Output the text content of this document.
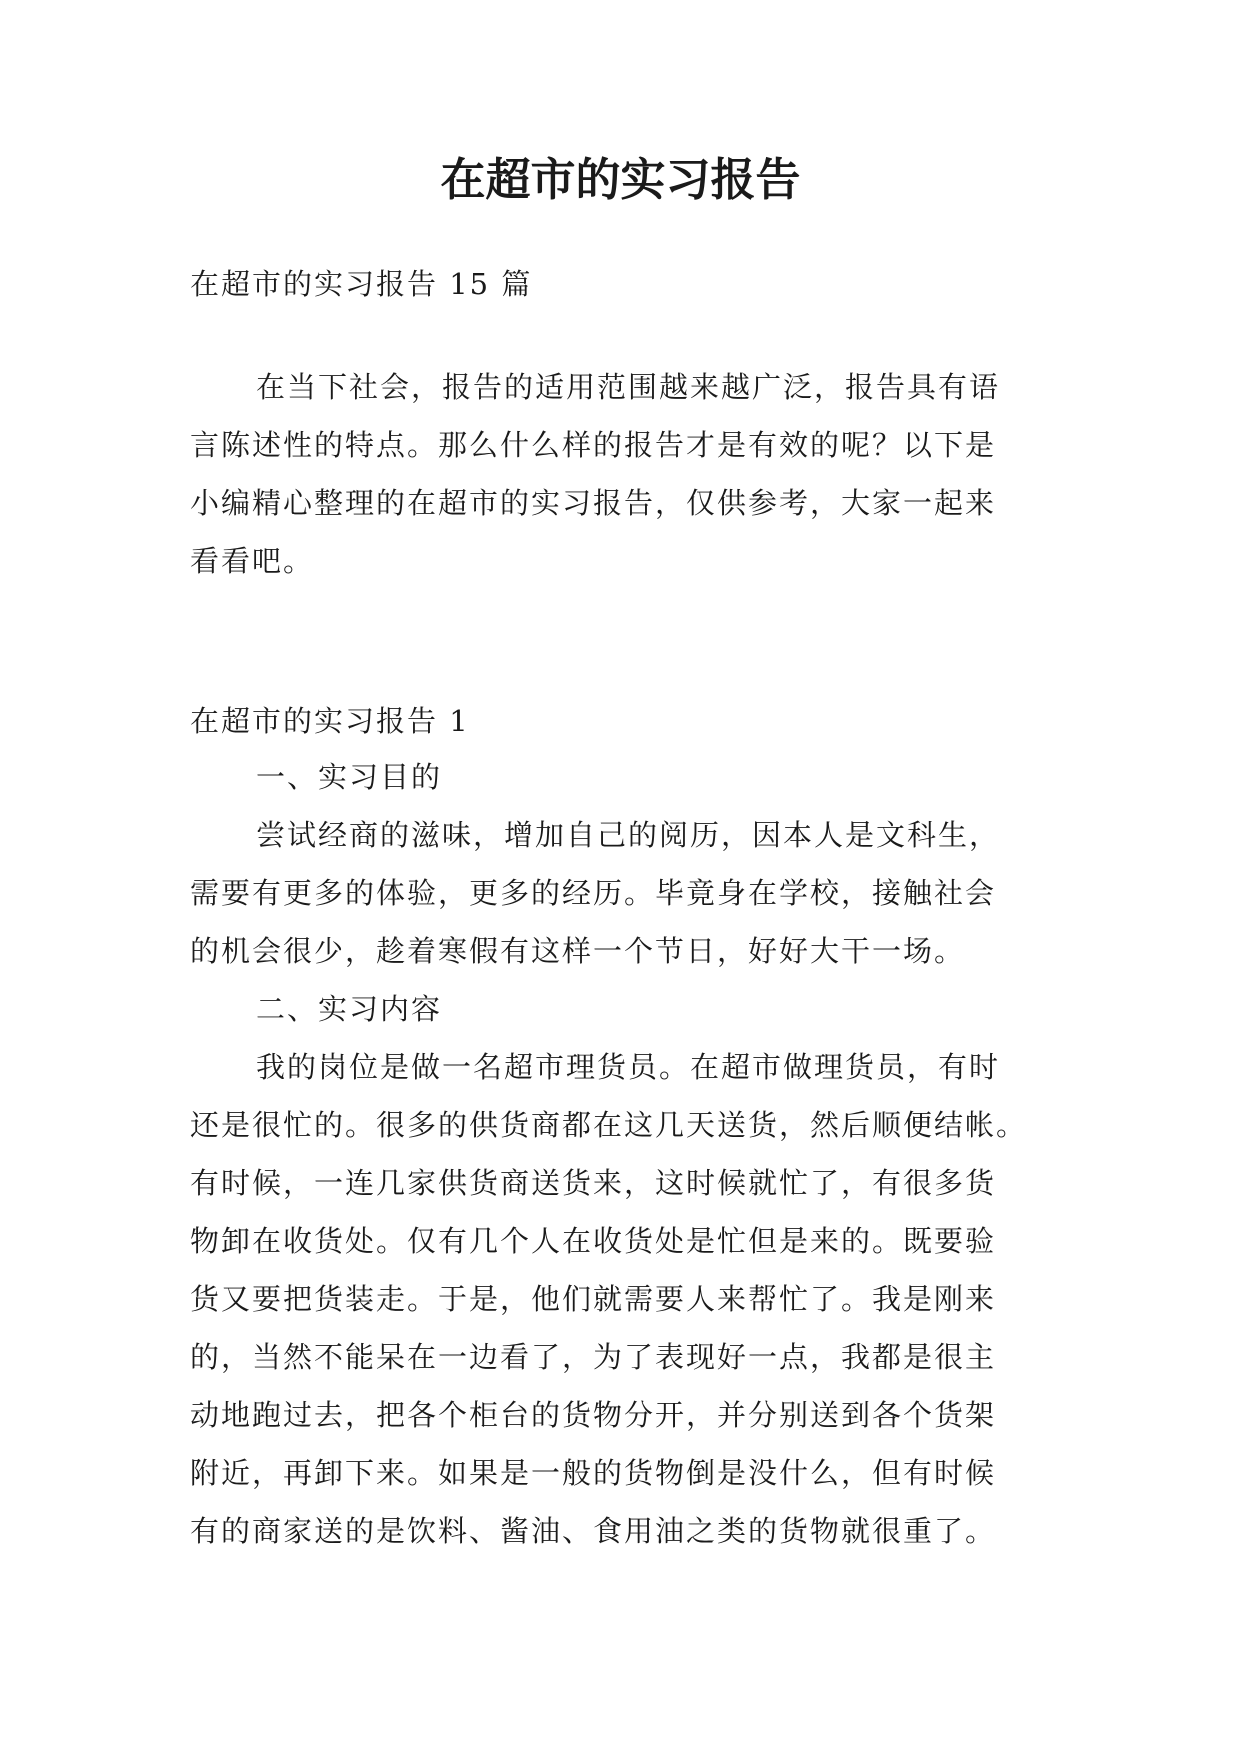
在超市的实习报告

在超市的实习报告 15 篇

在当下社会，报告的适用范围越来越广泛，报告具有语
言陈述性的特点。那么什么样的报告才是有效的呢？以下是
小编精心整理的在超市的实习报告，仅供参考，大家一起来
看看吧。

在超市的实习报告 1

一、实习目的
尝试经商的滋味，增加自己的阅历，因本人是文科生，
需要有更多的体验，更多的经历。毕竟身在学校，接触社会
的机会很少，趁着寒假有这样一个节日，好好大干一场。
二、实习内容
我的岗位是做一名超市理货员。在超市做理货员，有时
还是很忙的。很多的供货商都在这几天送货，然后顺便结帐。
有时候，一连几家供货商送货来，这时候就忙了，有很多货
物卸在收货处。仅有几个人在收货处是忙但是来的。既要验
货又要把货装走。于是，他们就需要人来帮忙了。我是刚来
的，当然不能呆在一边看了，为了表现好一点，我都是很主
动地跑过去，把各个柜台的货物分开，并分别送到各个货架
附近，再卸下来。如果是一般的货物倒是没什么，但有时候
有的商家送的是饮料、酱油、食用油之类的货物就很重了。
